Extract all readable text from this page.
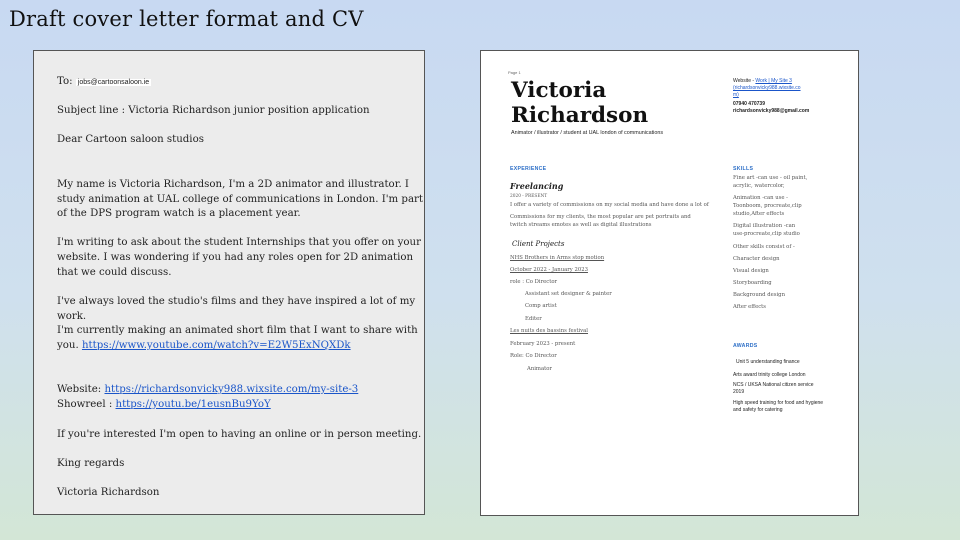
Draft cover letter format and CV
To: jobs@cartoonsaloon.ie
Subject line : Victoria Richardson junior position application
Dear Cartoon saloon studios
My name is Victoria Richardson, I'm a 2D animator and illustrator. I
study animation at UAL college of communications in London. I'm part
of the DPS program watch is a placement year.
I'm writing to ask about the student Internships that you offer on your
website. I was wondering if you had any roles open for 2D animation
that we could discuss.
I've always loved the studio's films and they have inspired a lot of my
work.
I'm currently making an animated short film that I want to share with
you. https://www.youtube.com/watch?v=E2W5ExNQXDk
Website: https://richardsonvicky988.wixsite.com/my-site-3
Showreel : https://youtu.be/1eusnBu9YoY
If you're interested I'm open to having an online or in person meeting.
King regards
Victoria Richardson
Page 1
Victoria
Richardson
Animator / illustrator / student at UAL london of communications
Website - Work | My Site 3
(richardsonvicky988.wixsite.co
m)
07940 470739
richardsonvicky988@gmail.com
EXPERIENCE
Freelancing
2020 - PRESENT
I offer a variety of commissions on my social media and have done a lot of
Commissions for my clients, the most popular are pet portraits and
twitch streams emotes as well as digital illustrations
Client Projects
NHS Brothers in Arms stop motion
October 2022 - January 2023
role : Co Director
Assistant set designer & painter
Comp artist
Editer
Les nuits des bassins festival
February 2023 - present
Role: Co Director
Animator
SKILLS
Fine art -can use - oil paint,
acrylic, watercolor,
Animation -can use -
Toonboom, procreate,clip
studio,After effects
Digital illustration -can
use-procreate,clip studio
Other skills consist of -
Character design
Visual design
Storyboarding
Background design
After effects
AWARDS
Unit 5 understanding finance
Arts award trinity college London
NCS / UKSA National citizen service 2019
High speed training for food and hygiene and safety for catering
